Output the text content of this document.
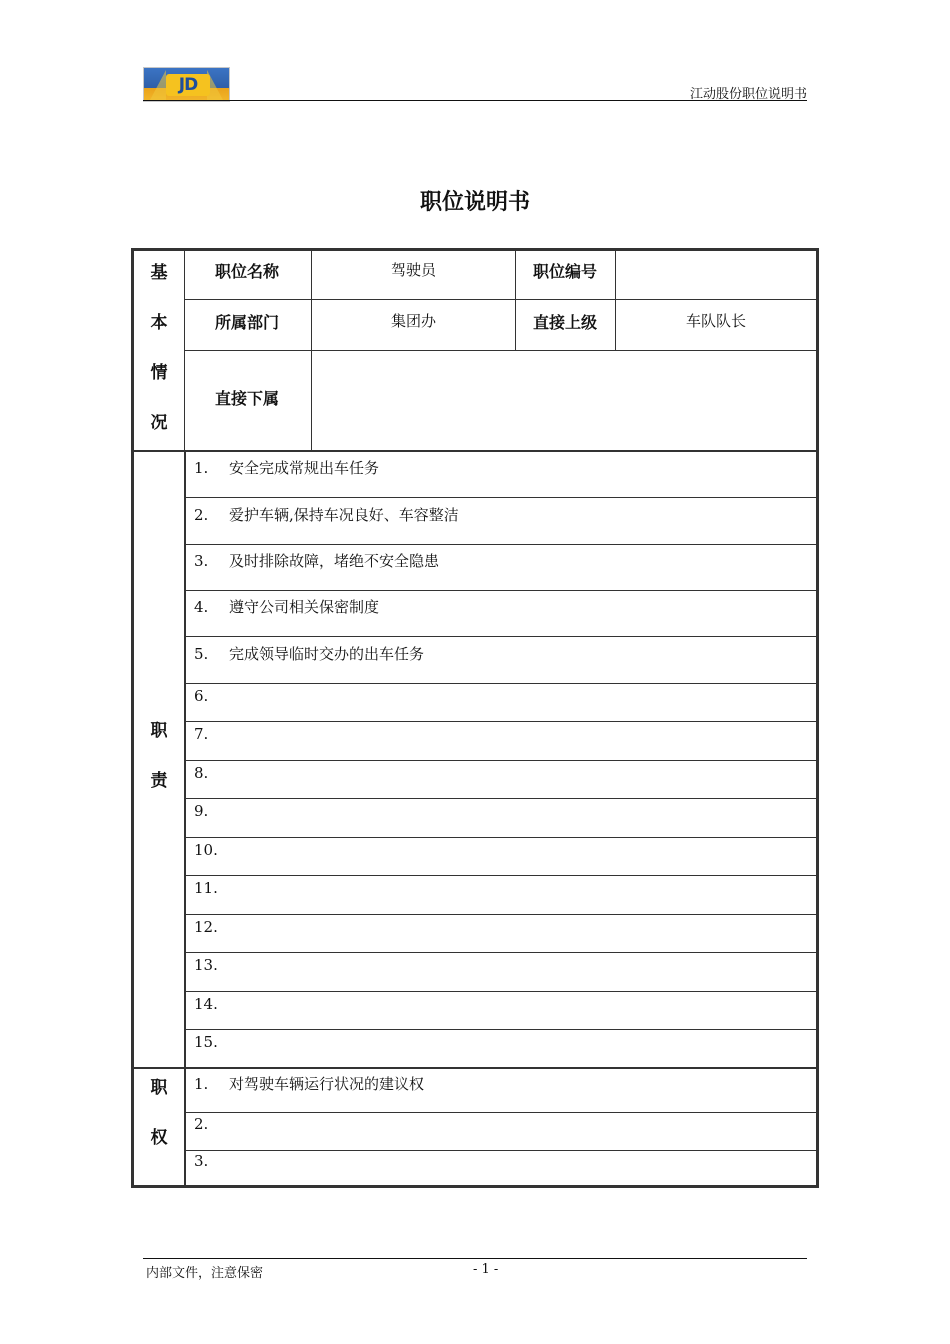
JD	江动股份职位说明书
职位说明书
基
本
情
况
职位名称	驾驶员	职位编号
所属部门	集团办	直接上级	车队队长
直接下属
职
责
1. 安全完成常规出车任务
2. 爱护车辆,保持车况良好、车容整洁
3. 及时排除故障，堵绝不安全隐患
4. 遵守公司相关保密制度
5. 完成领导临时交办的出车任务
6.
7.
8.
9.
10.
11.
12.
13.
14.
15.
职
权
1. 对驾驶车辆运行状况的建议权
2.
3.
内部文件，注意保密	- 1 -
